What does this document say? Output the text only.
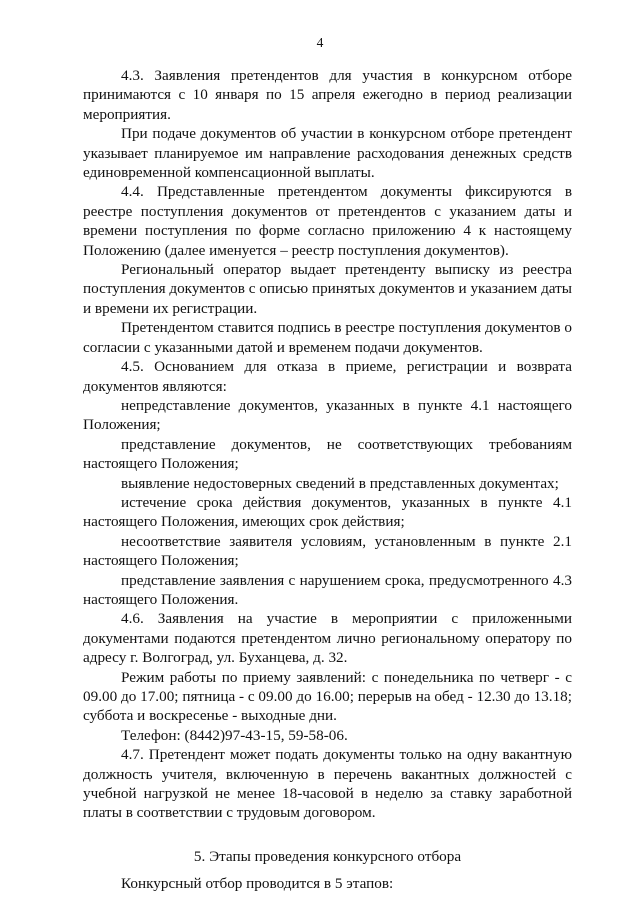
4

4.3. Заявления претендентов для участия в конкурсном отборе принимаются с 10 января по 15 апреля ежегодно в период реализации мероприятия.

При подаче документов об участии в конкурсном отборе претендент указывает планируемое им направление расходования денежных средств единовременной компенсационной выплаты.

4.4. Представленные претендентом документы фиксируются в реестре поступления документов от претендентов с указанием даты и времени поступления по форме согласно приложению 4 к настоящему Положению (далее именуется – реестр поступления документов).

Региональный оператор выдает претенденту выписку из реестра поступления документов с описью принятых документов и указанием даты и времени их регистрации.

Претендентом ставится подпись в реестре поступления документов о согласии с указанными датой и временем подачи документов.

4.5. Основанием для отказа в приеме, регистрации и возврата документов являются:

непредставление документов, указанных в пункте 4.1 настоящего Положения;

представление документов, не соответствующих требованиям настоящего Положения;

выявление недостоверных сведений в представленных документах;

истечение срока действия документов, указанных в пункте 4.1 настоящего Положения, имеющих срок действия;

несоответствие заявителя условиям, установленным в пункте 2.1 настоящего Положения;

представление заявления с нарушением срока, предусмотренного 4.3 настоящего Положения.

4.6. Заявления на участие в мероприятии с приложенными документами подаются претендентом лично региональному оператору по адресу г. Волгоград, ул. Буханцева, д. 32.

Режим работы по приему заявлений: с понедельника по четверг - с 09.00 до 17.00; пятница - с 09.00 до 16.00; перерыв на обед - 12.30 до 13.18; суббота и воскресенье - выходные дни.

Телефон: (8442)97-43-15, 59-58-06.

4.7. Претендент может подать документы только на одну вакантную должность учителя, включенную в перечень вакантных должностей с учебной нагрузкой не менее 18-часовой в неделю за ставку заработной платы в соответствии с трудовым договором.

5. Этапы проведения конкурсного отбора

Конкурсный отбор проводится в 5 этапов:
